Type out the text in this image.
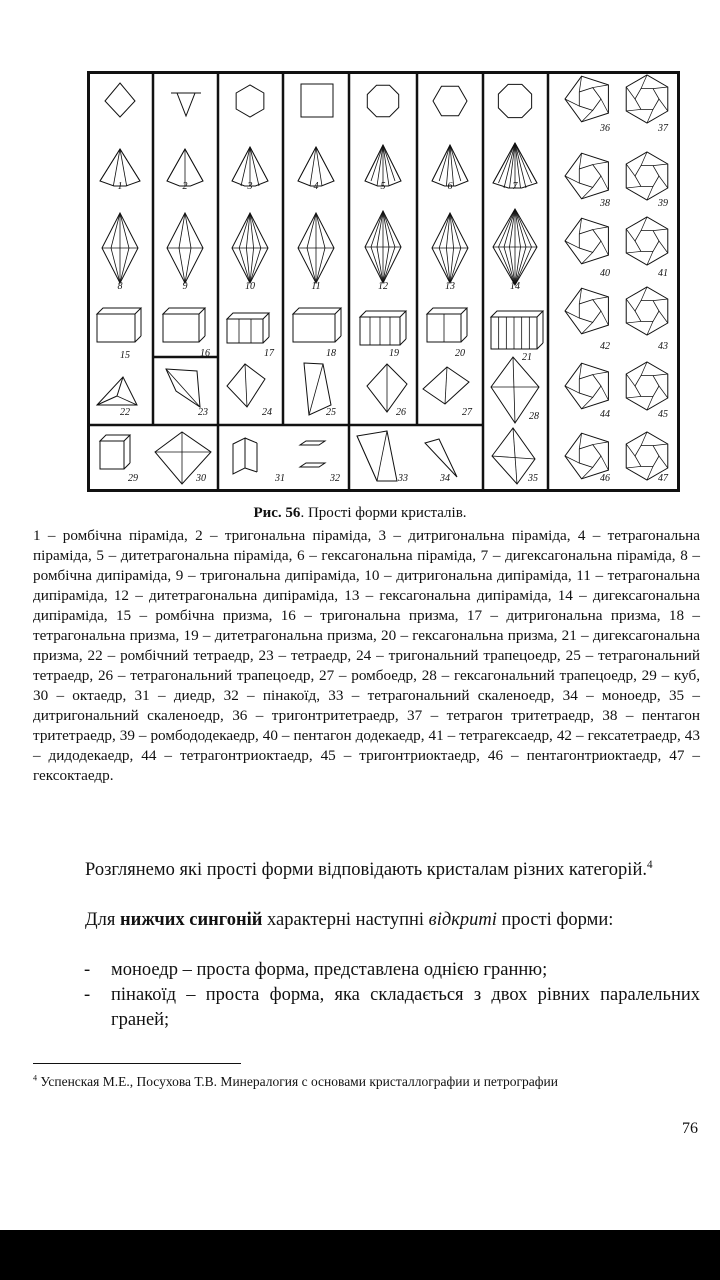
1	2	3	4	5	6	7
8	9	10	11	12	13	14
15	16	17	18	19	20	21
22	23	24	25	26	27	28
29	30	31	32	33	34	35
36	37
38	39
40	41
42	43
44	45
46	47
Рис. 56. Прості форми кристалів.
1 – ромбічна піраміда, 2 – тригональна піраміда, 3 – дитригональна піраміда, 4 – тетрагональна піраміда, 5 – дитетрагональна піраміда, 6 – гексагональна піраміда, 7 – дигексагональна піраміда, 8 – ромбічна дипіраміда, 9 – тригональна дипіраміда, 10 – дитригональна дипіраміда, 11 – тетрагональна дипіраміда, 12 – дитетрагональна дипіраміда, 13 – гексагональна дипіраміда, 14 – дигексагональна дипіраміда, 15 – ромбічна призма, 16 – тригональна призма, 17 – дитригональна призма, 18 – тетрагональна призма, 19 – дитетрагональна призма, 20 – гексагональна призма, 21 – дигексагональна призма, 22 – ромбічний тетраедр, 23 – тетраедр, 24 – тригональний трапецоедр, 25 – тетрагональний тетраедр, 26 – тетрагональний трапецоедр, 27 – ромбоедр, 28 – гексагональний трапецоедр, 29 – куб, 30 – октаедр, 31 – диедр, 32 – пінакоїд, 33 – тетрагональний скаленоедр, 34 – моноедр, 35 – дитригональний скаленоедр, 36 – тригонтритетраедр, 37 – тетрагон тритетраедр, 38 – пентагон тритетраедр, 39 – ромбододекаедр, 40 – пентагон додекаедр, 41 – тетрагексаедр, 42 – гексатетраедр, 43 – дидодекаедр, 44 – тетрагонтриоктаедр, 45 – тригонтриоктаедр, 46 – пентагонтриоктаедр, 47 – гексоктаедр.
Розглянемо які прості форми відповідають кристалам різних категорій.$^4$
Для нижчих сингоній характерні наступні відкриті прості форми:
- моноедр – проста форма, представлена однією гранню;
- пінакоїд – проста форма, яка складається з двох рівних паралельних граней;
$^4$ Успенская М.Е., Посухова Т.В. Минералогия с основами кристаллографии и петрографии
76
